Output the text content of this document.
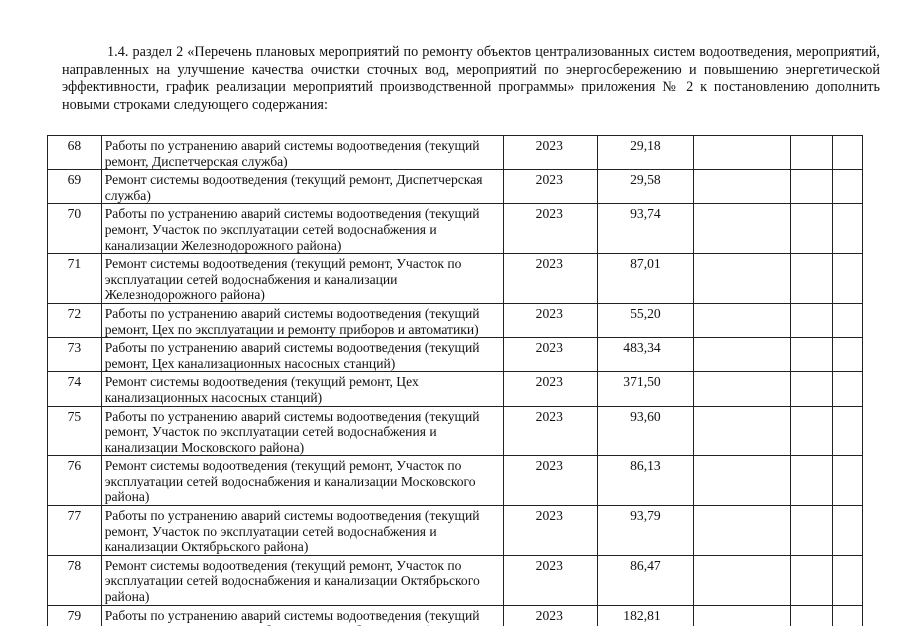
1.4. раздел 2 «Перечень плановых мероприятий по ремонту объектов централизованных систем водоотведения, мероприятий, направленных на улучшение качества очистки сточных вод, мероприятий по энергосбережению и повышению энергетической эффективности, график реализации мероприятий производственной программы» приложения № 2 к постановлению дополнить новыми строками следующего содержания:
68	Работы по устранению аварий системы водоотведения (текущий ремонт, Диспетчерская служба)	2023	29,18			
69	Ремонт системы водоотведения (текущий ремонт, Диспетчерская служба)	2023	29,58			
70	Работы по устранению аварий системы водоотведения (текущий ремонт, Участок по эксплуатации сетей водоснабжения и канализации Железнодорожного района)	2023	93,74			
71	Ремонт системы водоотведения (текущий ремонт, Участок по эксплуатации сетей водоснабжения и канализации Железнодорожного района)	2023	87,01			
72	Работы по устранению аварий системы водоотведения (текущий ремонт, Цех по эксплуатации и ремонту приборов и автоматики)	2023	55,20			
73	Работы по устранению аварий системы водоотведения (текущий ремонт, Цех канализационных насосных станций)	2023	483,34			
74	Ремонт системы водоотведения (текущий ремонт, Цех канализационных насосных станций)	2023	371,50			
75	Работы по устранению аварий системы водоотведения (текущий ремонт, Участок по эксплуатации сетей водоснабжения и канализации Московского района)	2023	93,60			
76	Ремонт системы водоотведения (текущий ремонт, Участок по эксплуатации сетей водоснабжения и канализации Московского района)	2023	86,13			
77	Работы по устранению аварий системы водоотведения (текущий ремонт, Участок по эксплуатации сетей водоснабжения и канализации Октябрьского района)	2023	93,79			
78	Ремонт системы водоотведения (текущий ремонт, Участок по эксплуатации сетей водоснабжения и канализации Октябрьского района)	2023	86,47			
79	Работы по устранению аварий системы водоотведения (текущий	2023	182,81			
